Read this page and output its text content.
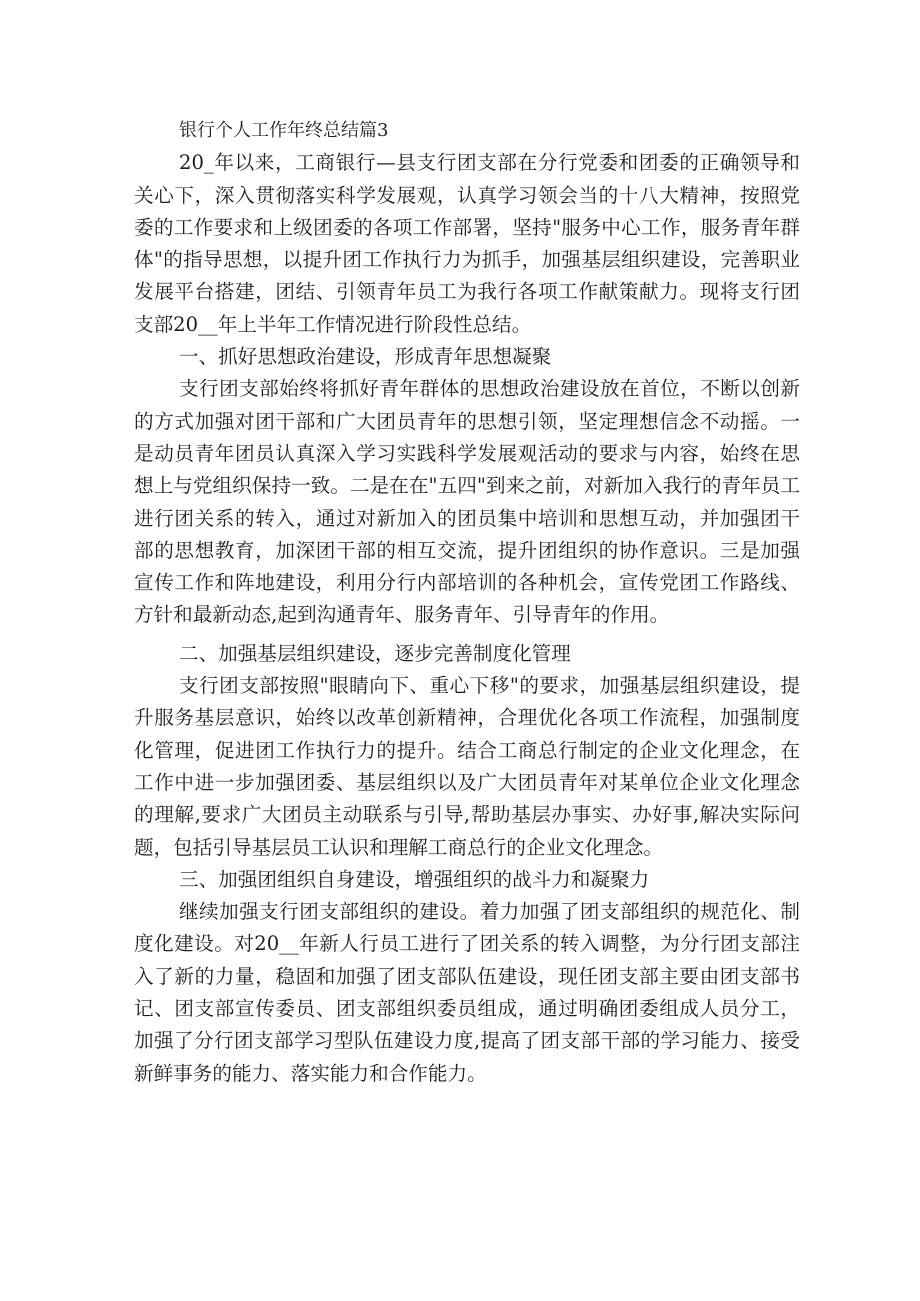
银行个人工作年终总结篇3

20_年以来，工商银行—县支行团支部在分行党委和团委的正确领导和关心下，深入贯彻落实科学发展观，认真学习领会当的十八大精神，按照党委的工作要求和上级团委的各项工作部署，坚持"服务中心工作，服务青年群体"的指导思想，以提升团工作执行力为抓手，加强基层组织建设，完善职业发展平台搭建，团结、引领青年员工为我行各项工作献策献力。现将支行团支部20__年上半年工作情况进行阶段性总结。

一、抓好思想政治建设，形成青年思想凝聚

支行团支部始终将抓好青年群体的思想政治建设放在首位，不断以创新的方式加强对团干部和广大团员青年的思想引领，坚定理想信念不动摇。一是动员青年团员认真深入学习实践科学发展观活动的要求与内容，始终在思想上与党组织保持一致。二是在在"五四"到来之前，对新加入我行的青年员工进行团关系的转入，通过对新加入的团员集中培训和思想互动，并加强团干部的思想教育，加深团干部的相互交流，提升团组织的协作意识。三是加强宣传工作和阵地建设，利用分行内部培训的各种机会，宣传党团工作路线、方针和最新动态,起到沟通青年、服务青年、引导青年的作用。

二、加强基层组织建设，逐步完善制度化管理

支行团支部按照"眼睛向下、重心下移"的要求，加强基层组织建设，提升服务基层意识，始终以改革创新精神，合理优化各项工作流程，加强制度化管理，促进团工作执行力的提升。结合工商总行制定的企业文化理念，在工作中进一步加强团委、基层组织以及广大团员青年对某单位企业文化理念的理解,要求广大团员主动联系与引导,帮助基层办事实、办好事,解决实际问题，包括引导基层员工认识和理解工商总行的企业文化理念。

三、加强团组织自身建设，增强组织的战斗力和凝聚力

继续加强支行团支部组织的建设。着力加强了团支部组织的规范化、制度化建设。对20__年新人行员工进行了团关系的转入调整，为分行团支部注入了新的力量，稳固和加强了团支部队伍建设，现任团支部主要由团支部书记、团支部宣传委员、团支部组织委员组成，通过明确团委组成人员分工，加强了分行团支部学习型队伍建设力度,提高了团支部干部的学习能力、接受新鲜事务的能力、落实能力和合作能力。
